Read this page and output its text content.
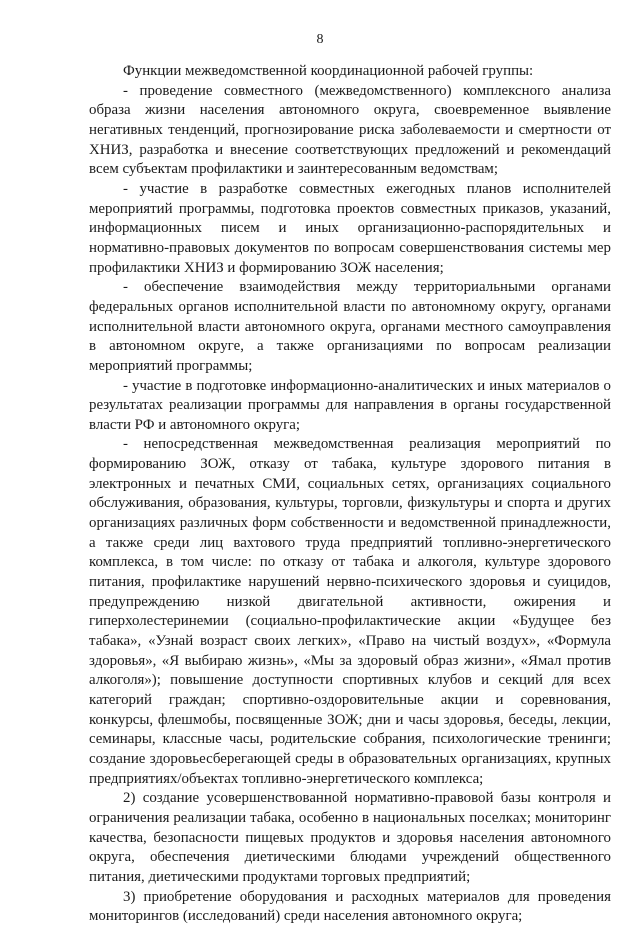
8

Функции межведомственной координационной рабочей группы:

- проведение совместного (межведомственного) комплексного анализа образа жизни населения автономного округа, своевременное выявление негативных тенденций, прогнозирование риска заболеваемости и смертности от ХНИЗ, разработка и внесение соответствующих предложений и рекомендаций всем субъектам профилактики и заинтересованным ведомствам;

- участие в разработке совместных ежегодных планов исполнителей мероприятий программы, подготовка проектов совместных приказов, указаний, информационных писем и иных организационно-распорядительных и нормативно-правовых документов по вопросам совершенствования системы мер профилактики ХНИЗ и формированию ЗОЖ населения;

- обеспечение взаимодействия между территориальными органами федеральных органов исполнительной власти по автономному округу, органами исполнительной власти автономного округа, органами местного самоуправления в автономном округе, а также организациями по вопросам реализации мероприятий программы;

- участие в подготовке информационно-аналитических и иных материалов о результатах реализации программы для направления в органы государственной власти РФ и автономного округа;

- непосредственная межведомственная реализация мероприятий по формированию ЗОЖ, отказу от табака, культуре здорового питания в электронных и печатных СМИ, социальных сетях, организациях социального обслуживания, образования, культуры, торговли, физкультуры и спорта и других организациях различных форм собственности и ведомственной принадлежности, а также среди лиц вахтового труда предприятий топливно-энергетического комплекса, в том числе: по отказу от табака и алкоголя, культуре здорового питания, профилактике нарушений нервно-психического здоровья и суицидов, предупреждению низкой двигательной активности, ожирения и гиперхолестеринемии (социально-профилактические акции «Будущее без табака», «Узнай возраст своих легких», «Право на чистый воздух», «Формула здоровья», «Я выбираю жизнь», «Мы за здоровый образ жизни», «Ямал против алкоголя»); повышение доступности спортивных клубов и секций для всех категорий граждан; спортивно-оздоровительные акции и соревнования, конкурсы, флешмобы, посвященные ЗОЖ; дни и часы здоровья, беседы, лекции, семинары, классные часы, родительские собрания, психологические тренинги; создание здоровьесберегающей среды в образовательных организациях, крупных предприятиях/объектах топливно-энергетического комплекса;

2) создание усовершенствованной нормативно-правовой базы контроля и ограничения реализации табака, особенно в национальных поселках; мониторинг качества, безопасности пищевых продуктов и здоровья населения автономного округа, обеспечения диетическими блюдами учреждений общественного питания, диетическими продуктами торговых предприятий;

3) приобретение оборудования и расходных материалов для проведения мониторингов (исследований) среди населения автономного округа;
